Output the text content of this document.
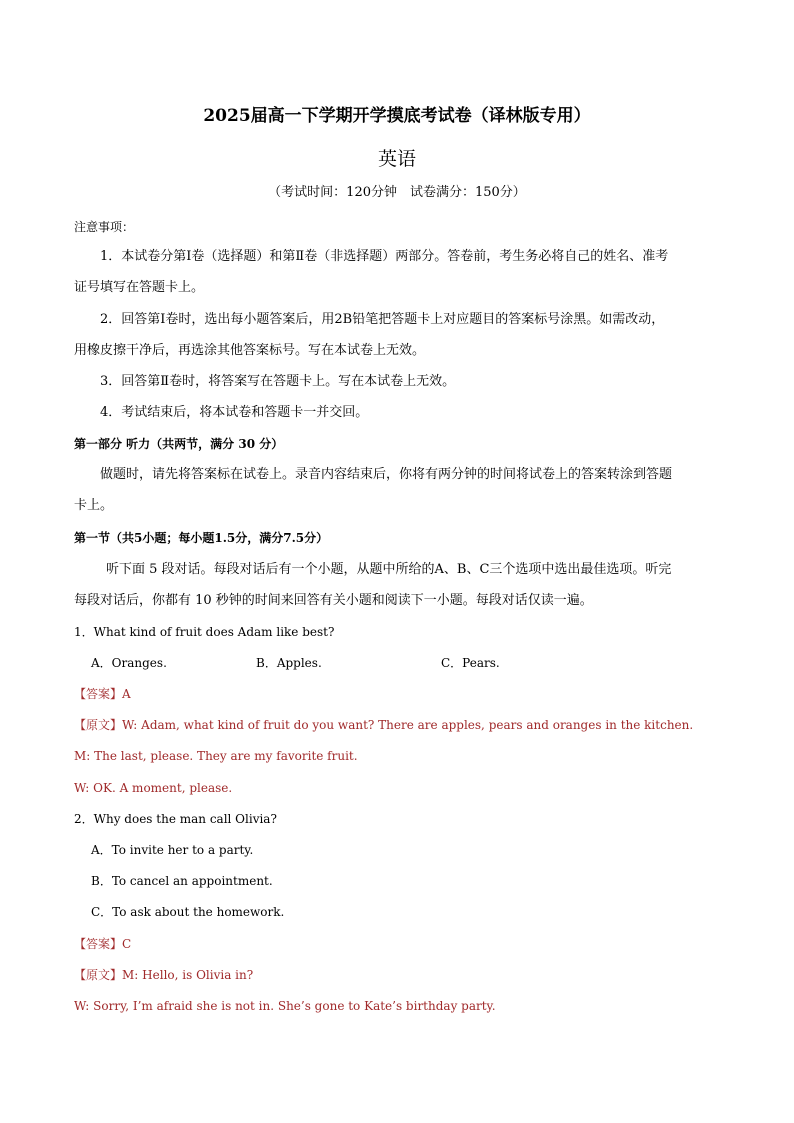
2025届高一下学期开学摸底考试卷（译林版专用）
英语
（考试时间：120分钟　试卷满分：150分）
注意事项：
1．本试卷分第Ⅰ卷（选择题）和第Ⅱ卷（非选择题）两部分。答卷前，考生务必将自己的姓名、准考
证号填写在答题卡上。
2．回答第Ⅰ卷时，选出每小题答案后，用2B铅笔把答题卡上对应题目的答案标号涂黑。如需改动，
用橡皮擦干净后，再选涂其他答案标号。写在本试卷上无效。
3．回答第Ⅱ卷时，将答案写在答题卡上。写在本试卷上无效。
4．考试结束后，将本试卷和答题卡一并交回。
第一部分 听力（共两节，满分 30 分）
做题时，请先将答案标在试卷上。录音内容结束后，你将有两分钟的时间将试卷上的答案转涂到答题
卡上。
第一节（共5小题；每小题1.5分，满分7.5分）
听下面 5 段对话。每段对话后有一个小题，从题中所给的A、B、C三个选项中选出最佳选项。听完
每段对话后，你都有 10 秒钟的时间来回答有关小题和阅读下一小题。每段对话仅读一遍。
1．What kind of fruit does Adam like best?
A．Oranges.	B．Apples.	C．Pears.
【答案】A
【原文】W: Adam, what kind of fruit do you want? There are apples, pears and oranges in the kitchen.
M: The last, please. They are my favorite fruit.
W: OK. A moment, please.
2．Why does the man call Olivia?
A．To invite her to a party.
B．To cancel an appointment.
C．To ask about the homework.
【答案】C
【原文】M: Hello, is Olivia in?
W: Sorry, I’m afraid she is not in. She’s gone to Kate’s birthday party.
